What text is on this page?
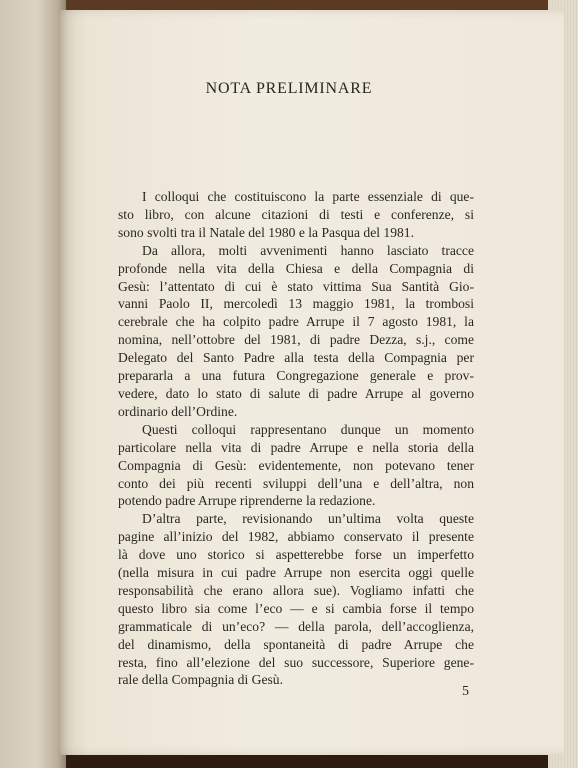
NOTA PRELIMINARE
I colloqui che costituiscono la parte essenziale di que-
sto libro, con alcune citazioni di testi e conferenze, si
sono svolti tra il Natale del 1980 e la Pasqua del 1981.
Da allora, molti avvenimenti hanno lasciato tracce
profonde nella vita della Chiesa e della Compagnia di
Gesù: l’attentato di cui è stato vittima Sua Santità Gio-
vanni Paolo II, mercoledì 13 maggio 1981, la trombosi
cerebrale che ha colpito padre Arrupe il 7 agosto 1981, la
nomina, nell’ottobre del 1981, di padre Dezza, s.j., come
Delegato del Santo Padre alla testa della Compagnia per
prepararla a una futura Congregazione generale e prov-
vedere, dato lo stato di salute di padre Arrupe al governo
ordinario dell’Ordine.
Questi colloqui rappresentano dunque un momento
particolare nella vita di padre Arrupe e nella storia della
Compagnia di Gesù: evidentemente, non potevano tener
conto dei più recenti sviluppi dell’una e dell’altra, non
potendo padre Arrupe riprenderne la redazione.
D’altra parte, revisionando un’ultima volta queste
pagine all’inizio del 1982, abbiamo conservato il presente
là dove uno storico si aspetterebbe forse un imperfetto
(nella misura in cui padre Arrupe non esercita oggi quelle
responsabilità che erano allora sue). Vogliamo infatti che
questo libro sia come l’eco — e si cambia forse il tempo
grammaticale di un’eco? — della parola, dell’accoglienza,
del dinamismo, della spontaneità di padre Arrupe che
resta, fino all’elezione del suo successore, Superiore gene-
rale della Compagnia di Gesù.
5
